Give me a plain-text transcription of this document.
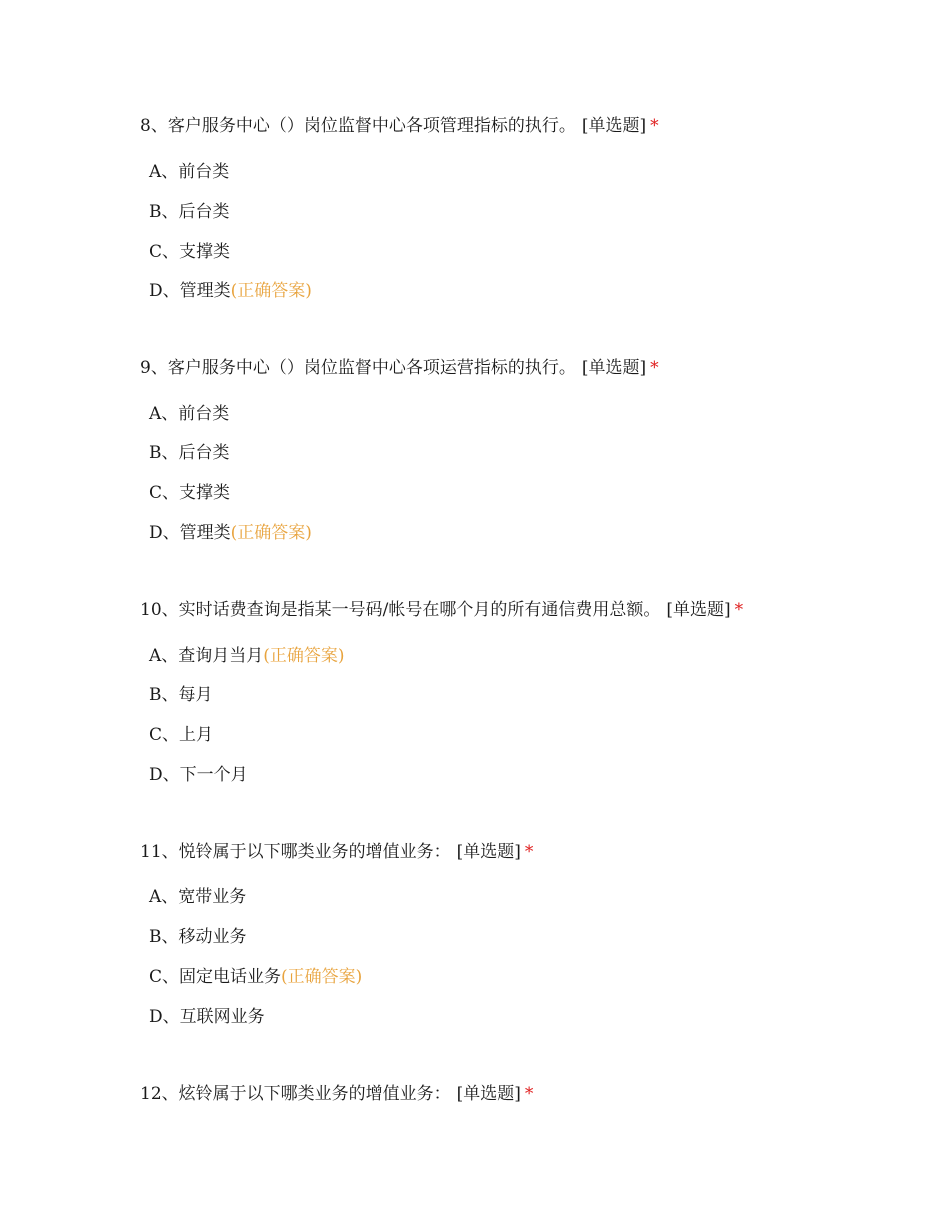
8、客户服务中心（）岗位监督中心各项管理指标的执行。 [单选题] *
A、前台类
B、后台类
C、支撑类
D、管理类(正确答案)
9、客户服务中心（）岗位监督中心各项运营指标的执行。 [单选题] *
A、前台类
B、后台类
C、支撑类
D、管理类(正确答案)
10、实时话费查询是指某一号码/帐号在哪个月的所有通信费用总额。 [单选题] *
A、查询月当月(正确答案)
B、每月
C、上月
D、下一个月
11、悦铃属于以下哪类业务的增值业务： [单选题] *
A、宽带业务
B、移动业务
C、固定电话业务(正确答案)
D、互联网业务
12、炫铃属于以下哪类业务的增值业务： [单选题] *
